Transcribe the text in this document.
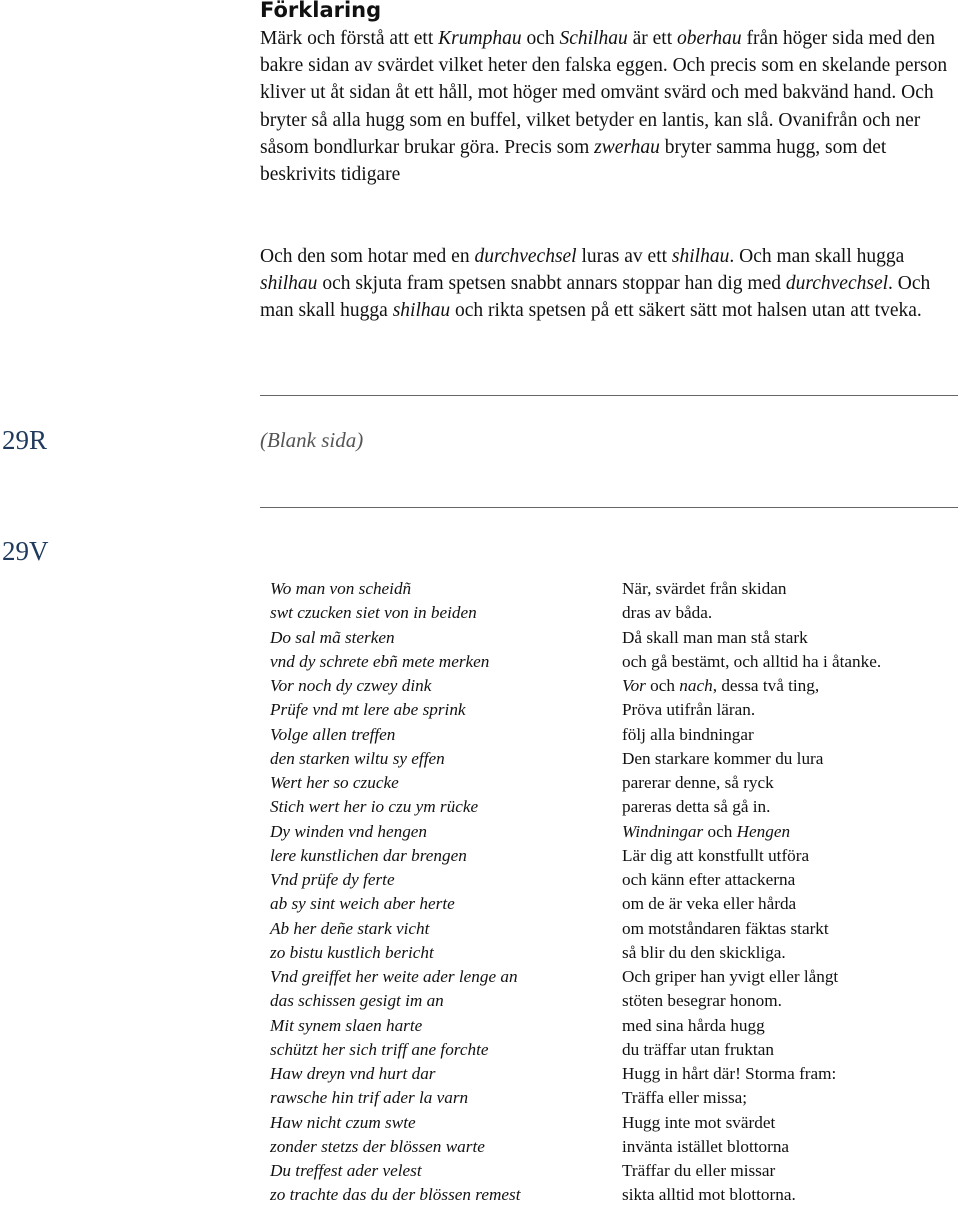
Förklaring

Märk och förstå att ett Krumphau och Schilhau är ett oberhau från höger sida med den bakre sidan av svärdet vilket heter den falska eggen. Och precis som en skelande person kliver ut åt sidan åt ett håll, mot höger med omvänt svärd och med bakvänd hand. Och bryter så alla hugg som en buffel, vilket betyder en lantis, kan slå. Ovanifrån och ner såsom bondlurkar brukar göra. Precis som zwerhau bryter samma hugg, som det beskrivits tidigare

Och den som hotar med en durchvechsel luras av ett shilhau. Och man skall hugga shilhau och skjuta fram spetsen snabbt annars stoppar han dig med durchvechsel. Och man skall hugga shilhau och rikta spetsen på ett säkert sätt mot halsen utan att tveka.

29R	(Blank sida)
29V
Wo man von scheidñ
swt czucken siet von in beiden
Do sal mã sterken
vnd dy schrete ebñ mete merken
Vor noch dy czwey dink
Prüfe vnd mt lere abe sprink
Volge allen treffen
den starken wiltu sy effen
Wert her so czucke
Stich wert her io czu ym rücke
Dy winden vnd hengen
lere kunstlichen dar brengen
Vnd prüfe dy ferte
ab sy sint weich aber herte
Ab her deñe stark vicht
zo bistu kustlich bericht
Vnd greiffet her weite ader lenge an
das schissen gesigt im an
Mit synem slaen harte
schützt her sich triff ane forchte
Haw dreyn vnd hurt dar
rawsche hin trif ader la varn
Haw nicht czum swte
zonder stetzs der blössen warte
Du treffest ader velest
zo trachte das du der blössen remest
När, svärdet från skidan
dras av båda.
Då skall man man stå stark
och gå bestämt, och alltid ha i åtanke.
Vor och nach, dessa två ting,
Pröva utifrån läran.
följ alla bindningar
Den starkare kommer du lura
parerar denne, så ryck
pareras detta så gå in.
Windningar och Hengen
Lär dig att konstfullt utföra
och känn efter attackerna
om de är veka eller hårda
om motståndaren fäktas starkt
så blir du den skickliga.
Och griper han yvigt eller långt
stöten besegrar honom.
med sina hårda hugg
du träffar utan fruktan
Hugg in hårt där! Storma fram:
Träffa eller missa;
Hugg inte mot svärdet
invänta istället blottorna
Träffar du eller missar
sikta alltid mot blottorna.
